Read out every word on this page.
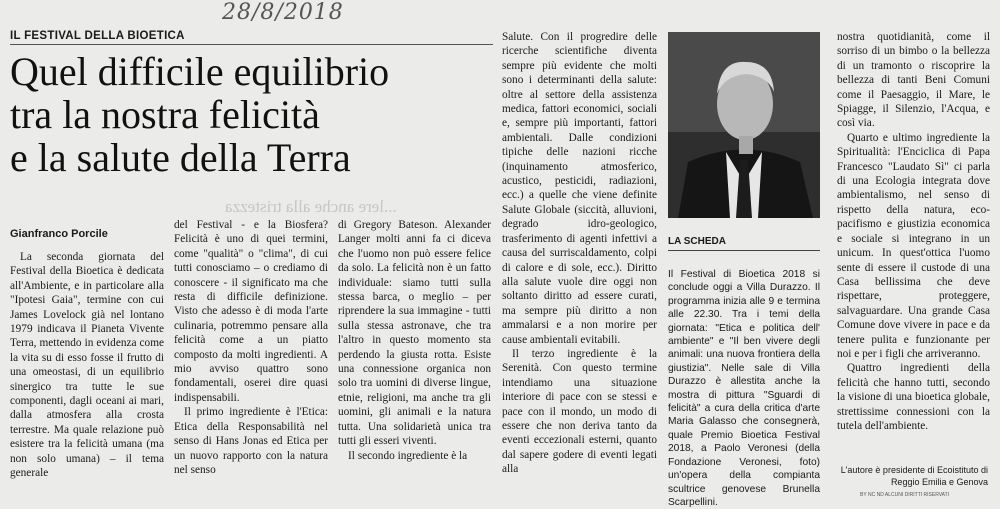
28/8/2018
IL FESTIVAL DELLA BIOETICA
Quel difficile equilibrio
tra la nostra felicità
e la salute della Terra
...lere anche alla tristezza
Gianfranco Porcile

La seconda giornata del Festival della Bioetica è dedicata all'Ambiente, e in particolare alla "Ipotesi Gaia", termine con cui James Lovelock già nel lontano 1979 indicava il Pianeta Vivente Terra, mettendo in evidenza come la vita su di esso fosse il frutto di una omeostasi, di un equilibrio sinergico tra tutte le sue componenti, dagli oceani ai mari, dalla atmosfera alla crosta terrestre. Ma quale relazione può esistere tra la felicità umana (ma non solo umana) – il tema generale

del Festival - e la Biosfera? Felicità è uno di quei termini, come "qualità" o "clima", di cui tutti conosciamo – o crediamo di conoscere - il significato ma che resta di difficile definizione. Visto che adesso è di moda l'arte culinaria, potremmo pensare alla felicità come a un piatto composto da molti ingredienti. A mio avviso quattro sono fondamentali, oserei dire quasi indispensabili.

Il primo ingrediente è l'Etica: Etica della Responsabilità nel senso di Hans Jonas ed Etica per un nuovo rapporto con la natura nel senso

di Gregory Bateson. Alexander Langer molti anni fa ci diceva che l'uomo non può essere felice da solo. La felicità non è un fatto individuale: siamo tutti sulla stessa barca, o meglio – per riprendere la sua immagine - tutti sulla stessa astronave, che tra l'altro in questo momento sta perdendo la giusta rotta. Esiste una connessione organica non solo tra uomini di diverse lingue, etnie, religioni, ma anche tra gli uomini, gli animali e la natura tutta. Una solidarietà unica tra tutti gli esseri viventi.

Il secondo ingrediente è la

Salute. Con il progredire delle ricerche scientifiche diventa sempre più evidente che molti sono i determinanti della salute: oltre al settore della assistenza medica, fattori economici, sociali e, sempre più importanti, fattori ambientali. Dalle condizioni tipiche delle nazioni ricche (inquinamento atmosferico, acustico, pesticidi, radiazioni, ecc.) a quelle che viene definite Salute Globale (siccità, alluvioni, degrado idro-geologico, trasferimento di agenti infettivi a causa del surriscaldamento, colpi di calore e di sole, ecc.). Diritto alla salute vuole dire oggi non soltanto diritto ad essere curati, ma sempre più diritto a non ammalarsi e a non morire per cause ambientali evitabili.

Il terzo ingrediente è la Serenità. Con questo termine intendiamo una situazione interiore di pace con se stessi e pace con il mondo, un modo di essere che non deriva tanto da eventi eccezionali esterni, quanto dal sapere godere di eventi legati alla

LA SCHEDA

Il Festival di Bioetica 2018 si conclude oggi a Villa Durazzo. Il programma inizia alle 9 e termina alle 22.30. Tra i temi della giornata: "Etica e politica dell' ambiente" e "Il ben vivere degli animali: una nuova frontiera della giustizia". Nelle sale di Villa Durazzo è allestita anche la mostra di pittura "Sguardi di felicità" a cura della critica d'arte Maria Galasso che consegnerà, quale Premio Bioetica Festival 2018, a Paolo Veronesi (della Fondazione Veronesi, foto) un'opera della compianta scultrice genovese Brunella Scarpellini.

nostra quotidianità, come il sorriso di un bimbo o la bellezza di un tramonto o riscoprire la bellezza di tanti Beni Comuni come il Paesaggio, il Mare, le Spiagge, il Silenzio, l'Acqua, e così via.

Quarto e ultimo ingrediente la Spiritualità: l'Enciclica di Papa Francesco "Laudato Sì" ci parla di una Ecologia integrata dove ambientalismo, nel senso di rispetto della natura, eco-pacifismo e giustizia economica e sociale si integrano in un unicum. In quest'ottica l'uomo sente di essere il custode di una Casa bellissima che deve rispettare, proteggere, salvaguardare. Una grande Casa Comune dove vivere in pace e da tenere pulita e funzionante per noi e per i figli che arriveranno.

Quattro ingredienti della felicità che hanno tutti, secondo la visione di una bioetica globale, strettissime connessioni con la tutela dell'ambiente.

L'autore è presidente di Ecoistituto di Reggio Emilia e Genova
BY NC ND ALCUNI DIRITTI RISERVATI
